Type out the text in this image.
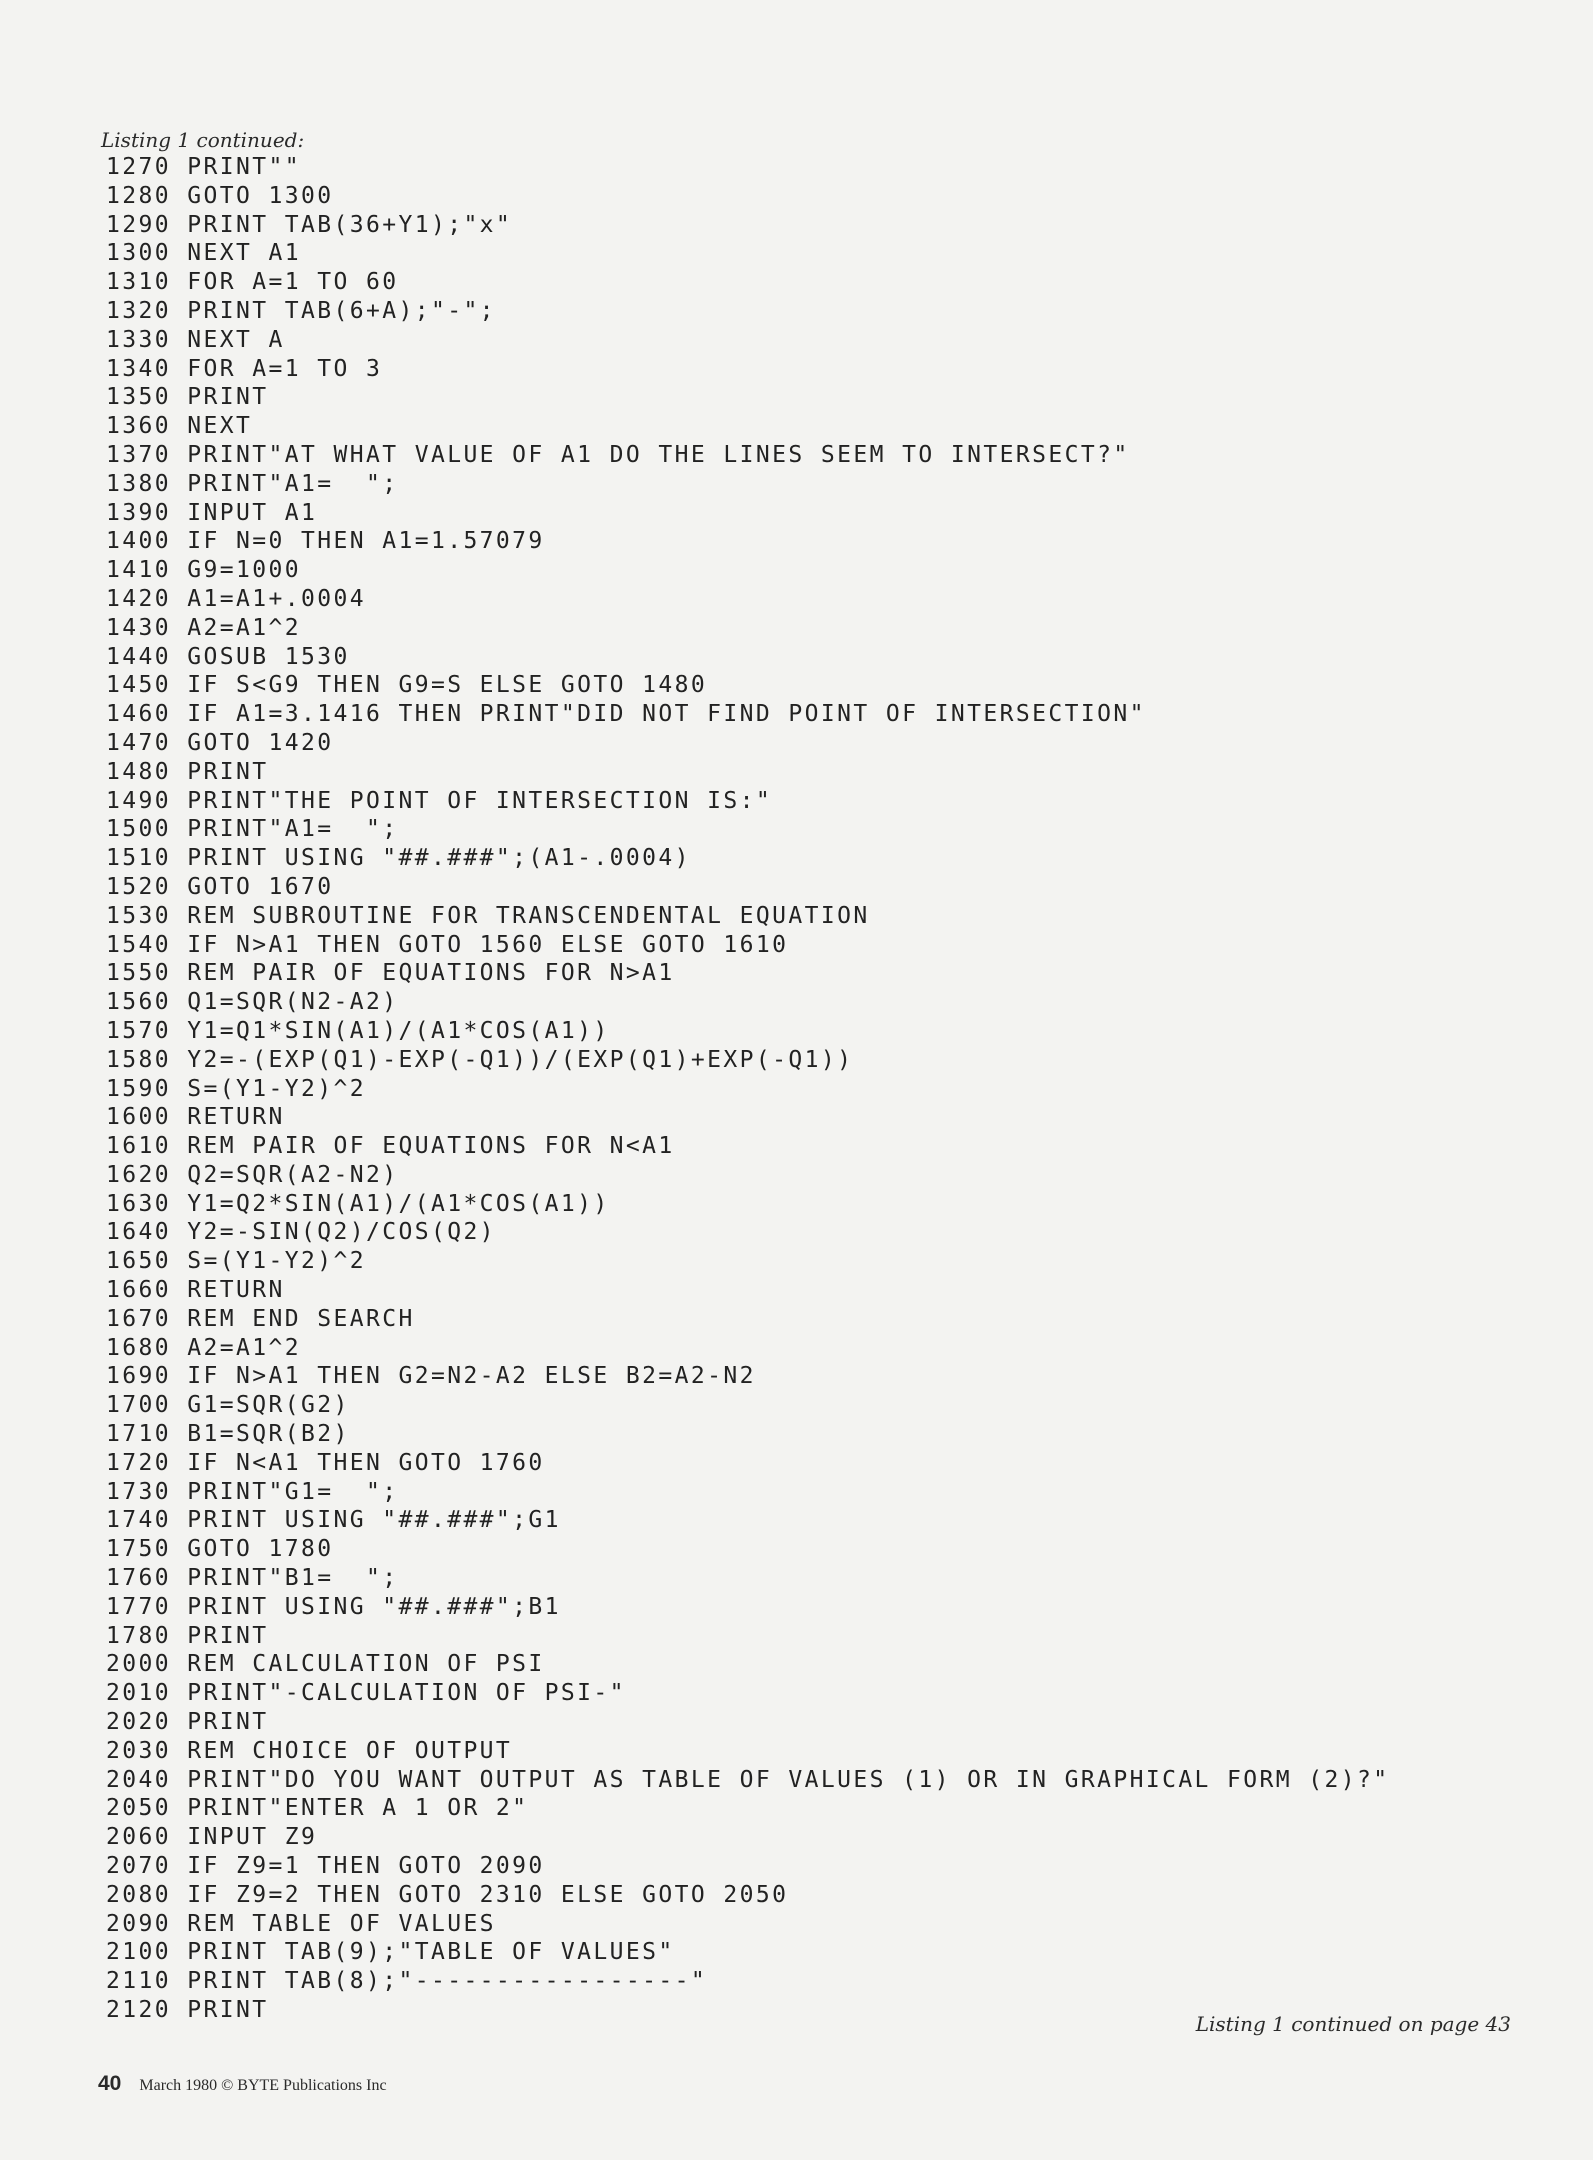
Listing 1 continued:
1270 PRINT""
1280 GOTO 1300
1290 PRINT TAB(36+Y1);"x"
1300 NEXT A1
1310 FOR A=1 TO 60
1320 PRINT TAB(6+A);"-";
1330 NEXT A
1340 FOR A=1 TO 3
1350 PRINT
1360 NEXT
1370 PRINT"AT WHAT VALUE OF A1 DO THE LINES SEEM TO INTERSECT?"
1380 PRINT"A1=  ";
1390 INPUT A1
1400 IF N=0 THEN A1=1.57079
1410 G9=1000
1420 A1=A1+.0004
1430 A2=A1^2
1440 GOSUB 1530
1450 IF S<G9 THEN G9=S ELSE GOTO 1480
1460 IF A1=3.1416 THEN PRINT"DID NOT FIND POINT OF INTERSECTION"
1470 GOTO 1420
1480 PRINT
1490 PRINT"THE POINT OF INTERSECTION IS:"
1500 PRINT"A1=  ";
1510 PRINT USING "##.###";(A1-.0004)
1520 GOTO 1670
1530 REM SUBROUTINE FOR TRANSCENDENTAL EQUATION
1540 IF N>A1 THEN GOTO 1560 ELSE GOTO 1610
1550 REM PAIR OF EQUATIONS FOR N>A1
1560 Q1=SQR(N2-A2)
1570 Y1=Q1*SIN(A1)/(A1*COS(A1))
1580 Y2=-(EXP(Q1)-EXP(-Q1))/(EXP(Q1)+EXP(-Q1))
1590 S=(Y1-Y2)^2
1600 RETURN
1610 REM PAIR OF EQUATIONS FOR N<A1
1620 Q2=SQR(A2-N2)
1630 Y1=Q2*SIN(A1)/(A1*COS(A1))
1640 Y2=-SIN(Q2)/COS(Q2)
1650 S=(Y1-Y2)^2
1660 RETURN
1670 REM END SEARCH
1680 A2=A1^2
1690 IF N>A1 THEN G2=N2-A2 ELSE B2=A2-N2
1700 G1=SQR(G2)
1710 B1=SQR(B2)
1720 IF N<A1 THEN GOTO 1760
1730 PRINT"G1=  ";
1740 PRINT USING "##.###";G1
1750 GOTO 1780
1760 PRINT"B1=  ";
1770 PRINT USING "##.###";B1
1780 PRINT
2000 REM CALCULATION OF PSI
2010 PRINT"-CALCULATION OF PSI-"
2020 PRINT
2030 REM CHOICE OF OUTPUT
2040 PRINT"DO YOU WANT OUTPUT AS TABLE OF VALUES (1) OR IN GRAPHICAL FORM (2)?"
2050 PRINT"ENTER A 1 OR 2"
2060 INPUT Z9
2070 IF Z9=1 THEN GOTO 2090
2080 IF Z9=2 THEN GOTO 2310 ELSE GOTO 2050
2090 REM TABLE OF VALUES
2100 PRINT TAB(9);"TABLE OF VALUES"
2110 PRINT TAB(8);"-----------------"
2120 PRINT
Listing 1 continued on page 43
40 March 1980 © BYTE Publications Inc
